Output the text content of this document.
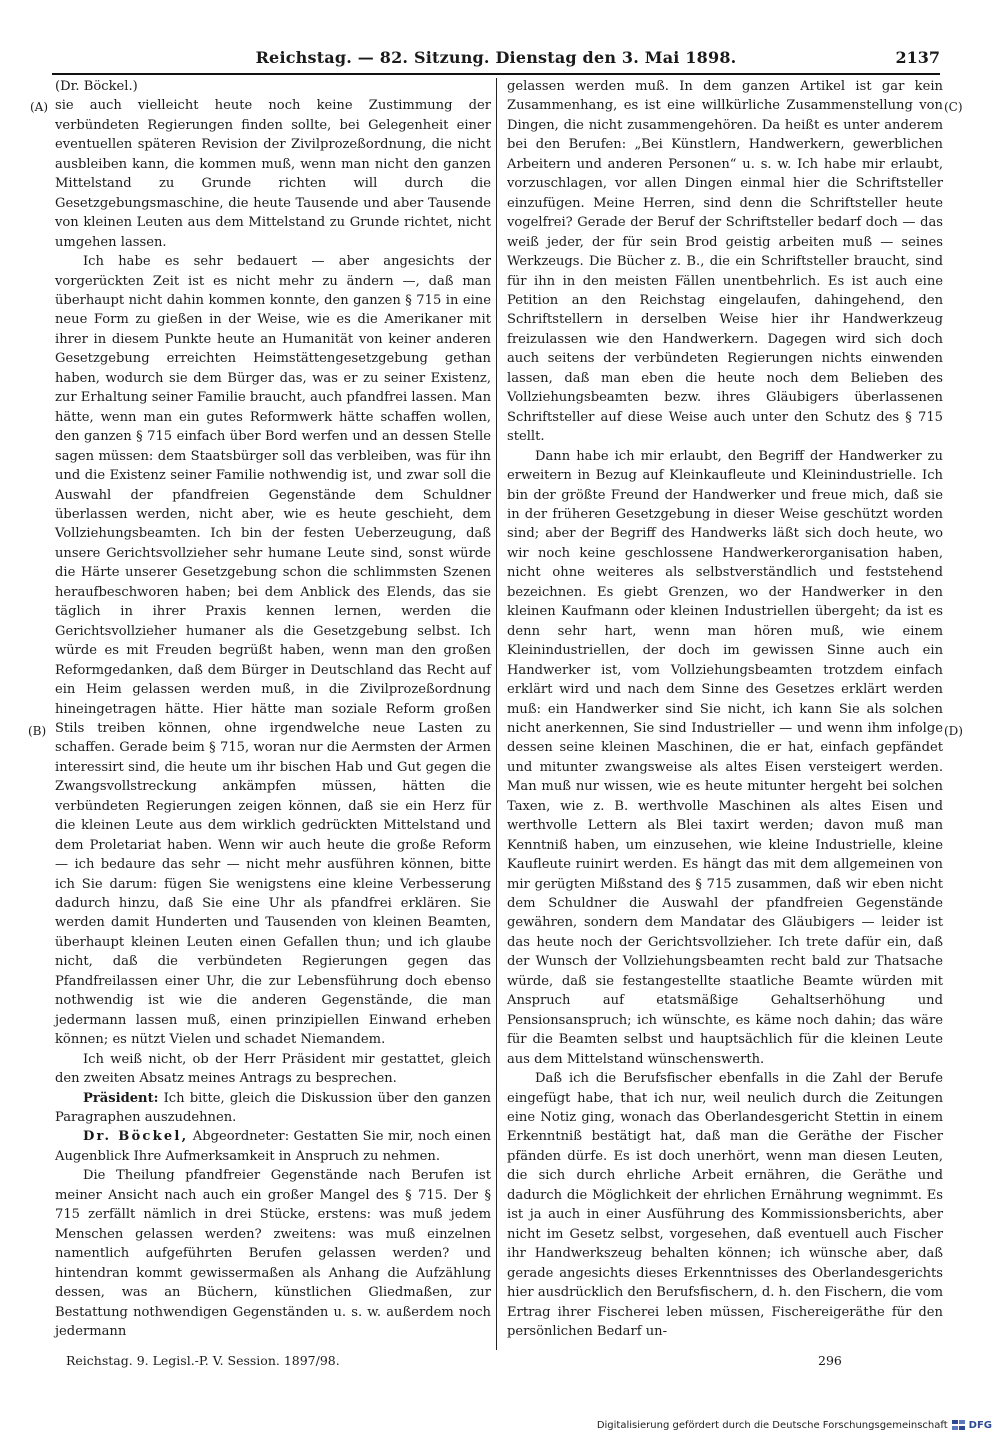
Reichstag. — 82. Sitzung. Dienstag den 3. Mai 1898.	2137
(A)
(B)
(C)
(D)

(Dr. Böckel.)

sie auch vielleicht heute noch keine Zustimmung der verbündeten Regierungen finden sollte, bei Gelegenheit einer eventuellen späteren Revision der Zivilprozeßordnung, die nicht ausbleiben kann, die kommen muß, wenn man nicht den ganzen Mittelstand zu Grunde richten will durch die Gesetzgebungsmaschine, die heute Tausende und aber Tausende von kleinen Leuten aus dem Mittelstand zu Grunde richtet, nicht umgehen lassen.

Ich habe es sehr bedauert — aber angesichts der vorgerückten Zeit ist es nicht mehr zu ändern —, daß man überhaupt nicht dahin kommen konnte, den ganzen § 715 in eine neue Form zu gießen in der Weise, wie es die Amerikaner mit ihrer in diesem Punkte heute an Humanität von keiner anderen Gesetzgebung erreichten Heimstättengesetzgebung gethan haben, wodurch sie dem Bürger das, was er zu seiner Existenz, zur Erhaltung seiner Familie braucht, auch pfandfrei lassen. Man hätte, wenn man ein gutes Reformwerk hätte schaffen wollen, den ganzen § 715 einfach über Bord werfen und an dessen Stelle sagen müssen: dem Staatsbürger soll das verbleiben, was für ihn und die Existenz seiner Familie nothwendig ist, und zwar soll die Auswahl der pfandfreien Gegenstände dem Schuldner überlassen werden, nicht aber, wie es heute geschieht, dem Vollziehungsbeamten. Ich bin der festen Ueberzeugung, daß unsere Gerichtsvollzieher sehr humane Leute sind, sonst würde die Härte unserer Gesetzgebung schon die schlimmsten Szenen heraufbeschworen haben; bei dem Anblick des Elends, das sie täglich in ihrer Praxis kennen lernen, werden die Gerichtsvollzieher humaner als die Gesetzgebung selbst. Ich würde es mit Freuden begrüßt haben, wenn man den großen Reformgedanken, daß dem Bürger in Deutschland das Recht auf ein Heim gelassen werden muß, in die Zivilprozeßordnung hineingetragen hätte. Hier hätte man soziale Reform großen Stils treiben können, ohne irgendwelche neue Lasten zu schaffen. Gerade beim § 715, woran nur die Aermsten der Armen interessirt sind, die heute um ihr bischen Hab und Gut gegen die Zwangsvollstreckung ankämpfen müssen, hätten die verbündeten Regierungen zeigen können, daß sie ein Herz für die kleinen Leute aus dem wirklich gedrückten Mittelstand und dem Proletariat haben. Wenn wir auch heute die große Reform — ich bedaure das sehr — nicht mehr ausführen können, bitte ich Sie darum: fügen Sie wenigstens eine kleine Verbesserung dadurch hinzu, daß Sie eine Uhr als pfandfrei erklären. Sie werden damit Hunderten und Tausenden von kleinen Beamten, überhaupt kleinen Leuten einen Gefallen thun; und ich glaube nicht, daß die verbündeten Regierungen gegen das Pfandfreilassen einer Uhr, die zur Lebensführung doch ebenso nothwendig ist wie die anderen Gegenstände, die man jedermann lassen muß, einen prinzipiellen Einwand erheben können; es nützt Vielen und schadet Niemandem.

Ich weiß nicht, ob der Herr Präsident mir gestattet, gleich den zweiten Absatz meines Antrags zu besprechen.

Präsident: Ich bitte, gleich die Diskussion über den ganzen Paragraphen auszudehnen.

Dr. Böckel, Abgeordneter: Gestatten Sie mir, noch einen Augenblick Ihre Aufmerksamkeit in Anspruch zu nehmen.

Die Theilung pfandfreier Gegenstände nach Berufen ist meiner Ansicht nach auch ein großer Mangel des § 715. Der § 715 zerfällt nämlich in drei Stücke, erstens: was muß jedem Menschen gelassen werden? zweitens: was muß einzelnen namentlich aufgeführten Berufen gelassen werden? und hintendran kommt gewissermaßen als Anhang die Aufzählung dessen, was an Büchern, künstlichen Gliedmaßen, zur Bestattung nothwendigen Gegenständen u. s. w. außerdem noch jedermann

gelassen werden muß. In dem ganzen Artikel ist gar kein Zusammenhang, es ist eine willkürliche Zusammenstellung von Dingen, die nicht zusammengehören. Da heißt es unter anderem bei den Berufen: „Bei Künstlern, Handwerkern, gewerblichen Arbeitern und anderen Personen“ u. s. w. Ich habe mir erlaubt, vorzuschlagen, vor allen Dingen einmal hier die Schriftsteller einzufügen. Meine Herren, sind denn die Schriftsteller heute vogelfrei? Gerade der Beruf der Schriftsteller bedarf doch — das weiß jeder, der für sein Brod geistig arbeiten muß — seines Werkzeugs. Die Bücher z. B., die ein Schriftsteller braucht, sind für ihn in den meisten Fällen unentbehrlich. Es ist auch eine Petition an den Reichstag eingelaufen, dahingehend, den Schriftstellern in derselben Weise hier ihr Handwerkzeug freizulassen wie den Handwerkern. Dagegen wird sich doch auch seitens der verbündeten Regierungen nichts einwenden lassen, daß man eben die heute noch dem Belieben des Vollziehungsbeamten bezw. ihres Gläubigers überlassenen Schriftsteller auf diese Weise auch unter den Schutz des § 715 stellt.

Dann habe ich mir erlaubt, den Begriff der Handwerker zu erweitern in Bezug auf Kleinkaufleute und Kleinindustrielle. Ich bin der größte Freund der Handwerker und freue mich, daß sie in der früheren Gesetzgebung in dieser Weise geschützt worden sind; aber der Begriff des Handwerks läßt sich doch heute, wo wir noch keine geschlossene Handwerkerorganisation haben, nicht ohne weiteres als selbstverständlich und feststehend bezeichnen. Es giebt Grenzen, wo der Handwerker in den kleinen Kaufmann oder kleinen Industriellen übergeht; da ist es denn sehr hart, wenn man hören muß, wie einem Kleinindustriellen, der doch im gewissen Sinne auch ein Handwerker ist, vom Vollziehungsbeamten trotzdem einfach erklärt wird und nach dem Sinne des Gesetzes erklärt werden muß: ein Handwerker sind Sie nicht, ich kann Sie als solchen nicht anerkennen, Sie sind Industrieller — und wenn ihm infolge dessen seine kleinen Maschinen, die er hat, einfach gepfändet und mitunter zwangsweise als altes Eisen versteigert werden. Man muß nur wissen, wie es heute mitunter hergeht bei solchen Taxen, wie z. B. werthvolle Maschinen als altes Eisen und werthvolle Lettern als Blei taxirt werden; davon muß man Kenntniß haben, um einzusehen, wie kleine Industrielle, kleine Kaufleute ruinirt werden. Es hängt das mit dem allgemeinen von mir gerügten Mißstand des § 715 zusammen, daß wir eben nicht dem Schuldner die Auswahl der pfandfreien Gegenstände gewähren, sondern dem Mandatar des Gläubigers — leider ist das heute noch der Gerichtsvollzieher. Ich trete dafür ein, daß der Wunsch der Vollziehungsbeamten recht bald zur Thatsache würde, daß sie festangestellte staatliche Beamte würden mit Anspruch auf etatsmäßige Gehaltserhöhung und Pensionsanspruch; ich wünschte, es käme noch dahin; das wäre für die Beamten selbst und hauptsächlich für die kleinen Leute aus dem Mittelstand wünschenswerth.

Daß ich die Berufsfischer ebenfalls in die Zahl der Berufe eingefügt habe, that ich nur, weil neulich durch die Zeitungen eine Notiz ging, wonach das Oberlandesgericht Stettin in einem Erkenntniß bestätigt hat, daß man die Geräthe der Fischer pfänden dürfe. Es ist doch unerhört, wenn man diesen Leuten, die sich durch ehrliche Arbeit ernähren, die Geräthe und dadurch die Möglichkeit der ehrlichen Ernährung wegnimmt. Es ist ja auch in einer Ausführung des Kommissionsberichts, aber nicht im Gesetz selbst, vorgesehen, daß eventuell auch Fischer ihr Handwerkszeug behalten können; ich wünsche aber, daß gerade angesichts dieses Erkenntnisses des Oberlandesgerichts hier ausdrücklich den Berufsfischern, d. h. den Fischern, die vom Ertrag ihrer Fischerei leben müssen, Fischereigeräthe für den persönlichen Bedarf un-

Reichstag. 9. Legisl.-P. V. Session. 1897/98.	296
Digitalisierung gefördert durch die Deutsche Forschungsgemeinschaft DFG
